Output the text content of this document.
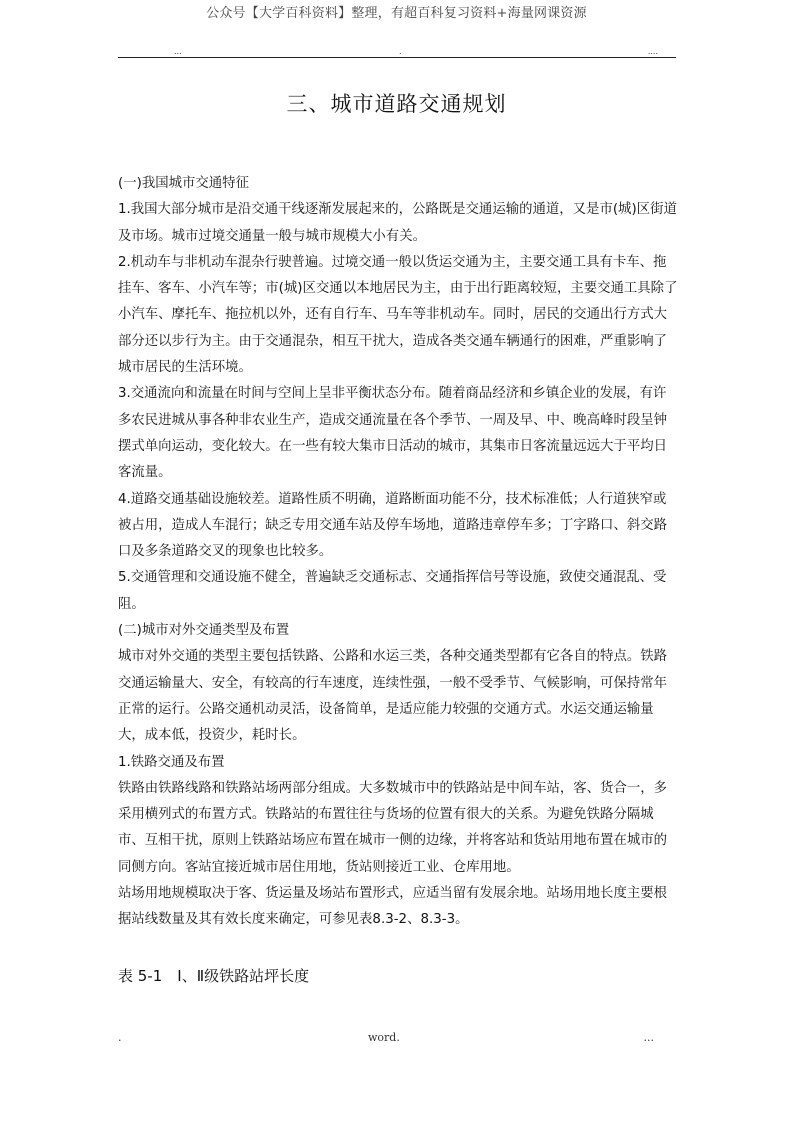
公众号【大学百科资料】整理，有超百科复习资料+海量网课资源
...	.	....
三、城市道路交通规划

(一)我国城市交通特征

1.我国大部分城市是沿交通干线逐渐发展起来的，公路既是交通运输的通道，又是市(城)区街道及市场。城市过境交通量一般与城市规模大小有关。

2.机动车与非机动车混杂行驶普遍。过境交通一般以货运交通为主，主要交通工具有卡车、拖挂车、客车、小汽车等；市(城)区交通以本地居民为主，由于出行距离较短，主要交通工具除了小汽车、摩托车、拖拉机以外，还有自行车、马车等非机动车。同时，居民的交通出行方式大部分还以步行为主。由于交通混杂，相互干扰大，造成各类交通车辆通行的困难，严重影响了城市居民的生活环境。

3.交通流向和流量在时间与空间上呈非平衡状态分布。随着商品经济和乡镇企业的发展，有许多农民进城从事各种非农业生产，造成交通流量在各个季节、一周及早、中、晚高峰时段呈钟摆式单向运动，变化较大。在一些有较大集市日活动的城市，其集市日客流量远远大于平均日客流量。

4.道路交通基础设施较差。道路性质不明确，道路断面功能不分，技术标准低；人行道狭窄或被占用，造成人车混行；缺乏专用交通车站及停车场地，道路违章停车多；丁字路口、斜交路口及多条道路交叉的现象也比较多。

5.交通管理和交通设施不健全，普遍缺乏交通标志、交通指挥信号等设施，致使交通混乱、受阻。

(二)城市对外交通类型及布置

城市对外交通的类型主要包括铁路、公路和水运三类，各种交通类型都有它各自的特点。铁路交通运输量大、安全，有较高的行车速度，连续性强，一般不受季节、气候影响，可保持常年正常的运行。公路交通机动灵活，设备简单，是适应能力较强的交通方式。水运交通运输量大，成本低，投资少，耗时长。

1.铁路交通及布置

铁路由铁路线路和铁路站场两部分组成。大多数城市中的铁路站是中间车站，客、货合一，多采用横列式的布置方式。铁路站的布置往往与货场的位置有很大的关系。为避免铁路分隔城市、互相干扰，原则上铁路站场应布置在城市一侧的边缘，并将客站和货站用地布置在城市的同侧方向。客站宜接近城市居住用地，货站则接近工业、仓库用地。

站场用地规模取决于客、货运量及场站布置形式，应适当留有发展余地。站场用地长度主要根据站线数量及其有效长度来确定，可参见表8.3-2、8.3-3。

表 5-1　Ⅰ、Ⅱ级铁路站坪长度
.	word.	...
